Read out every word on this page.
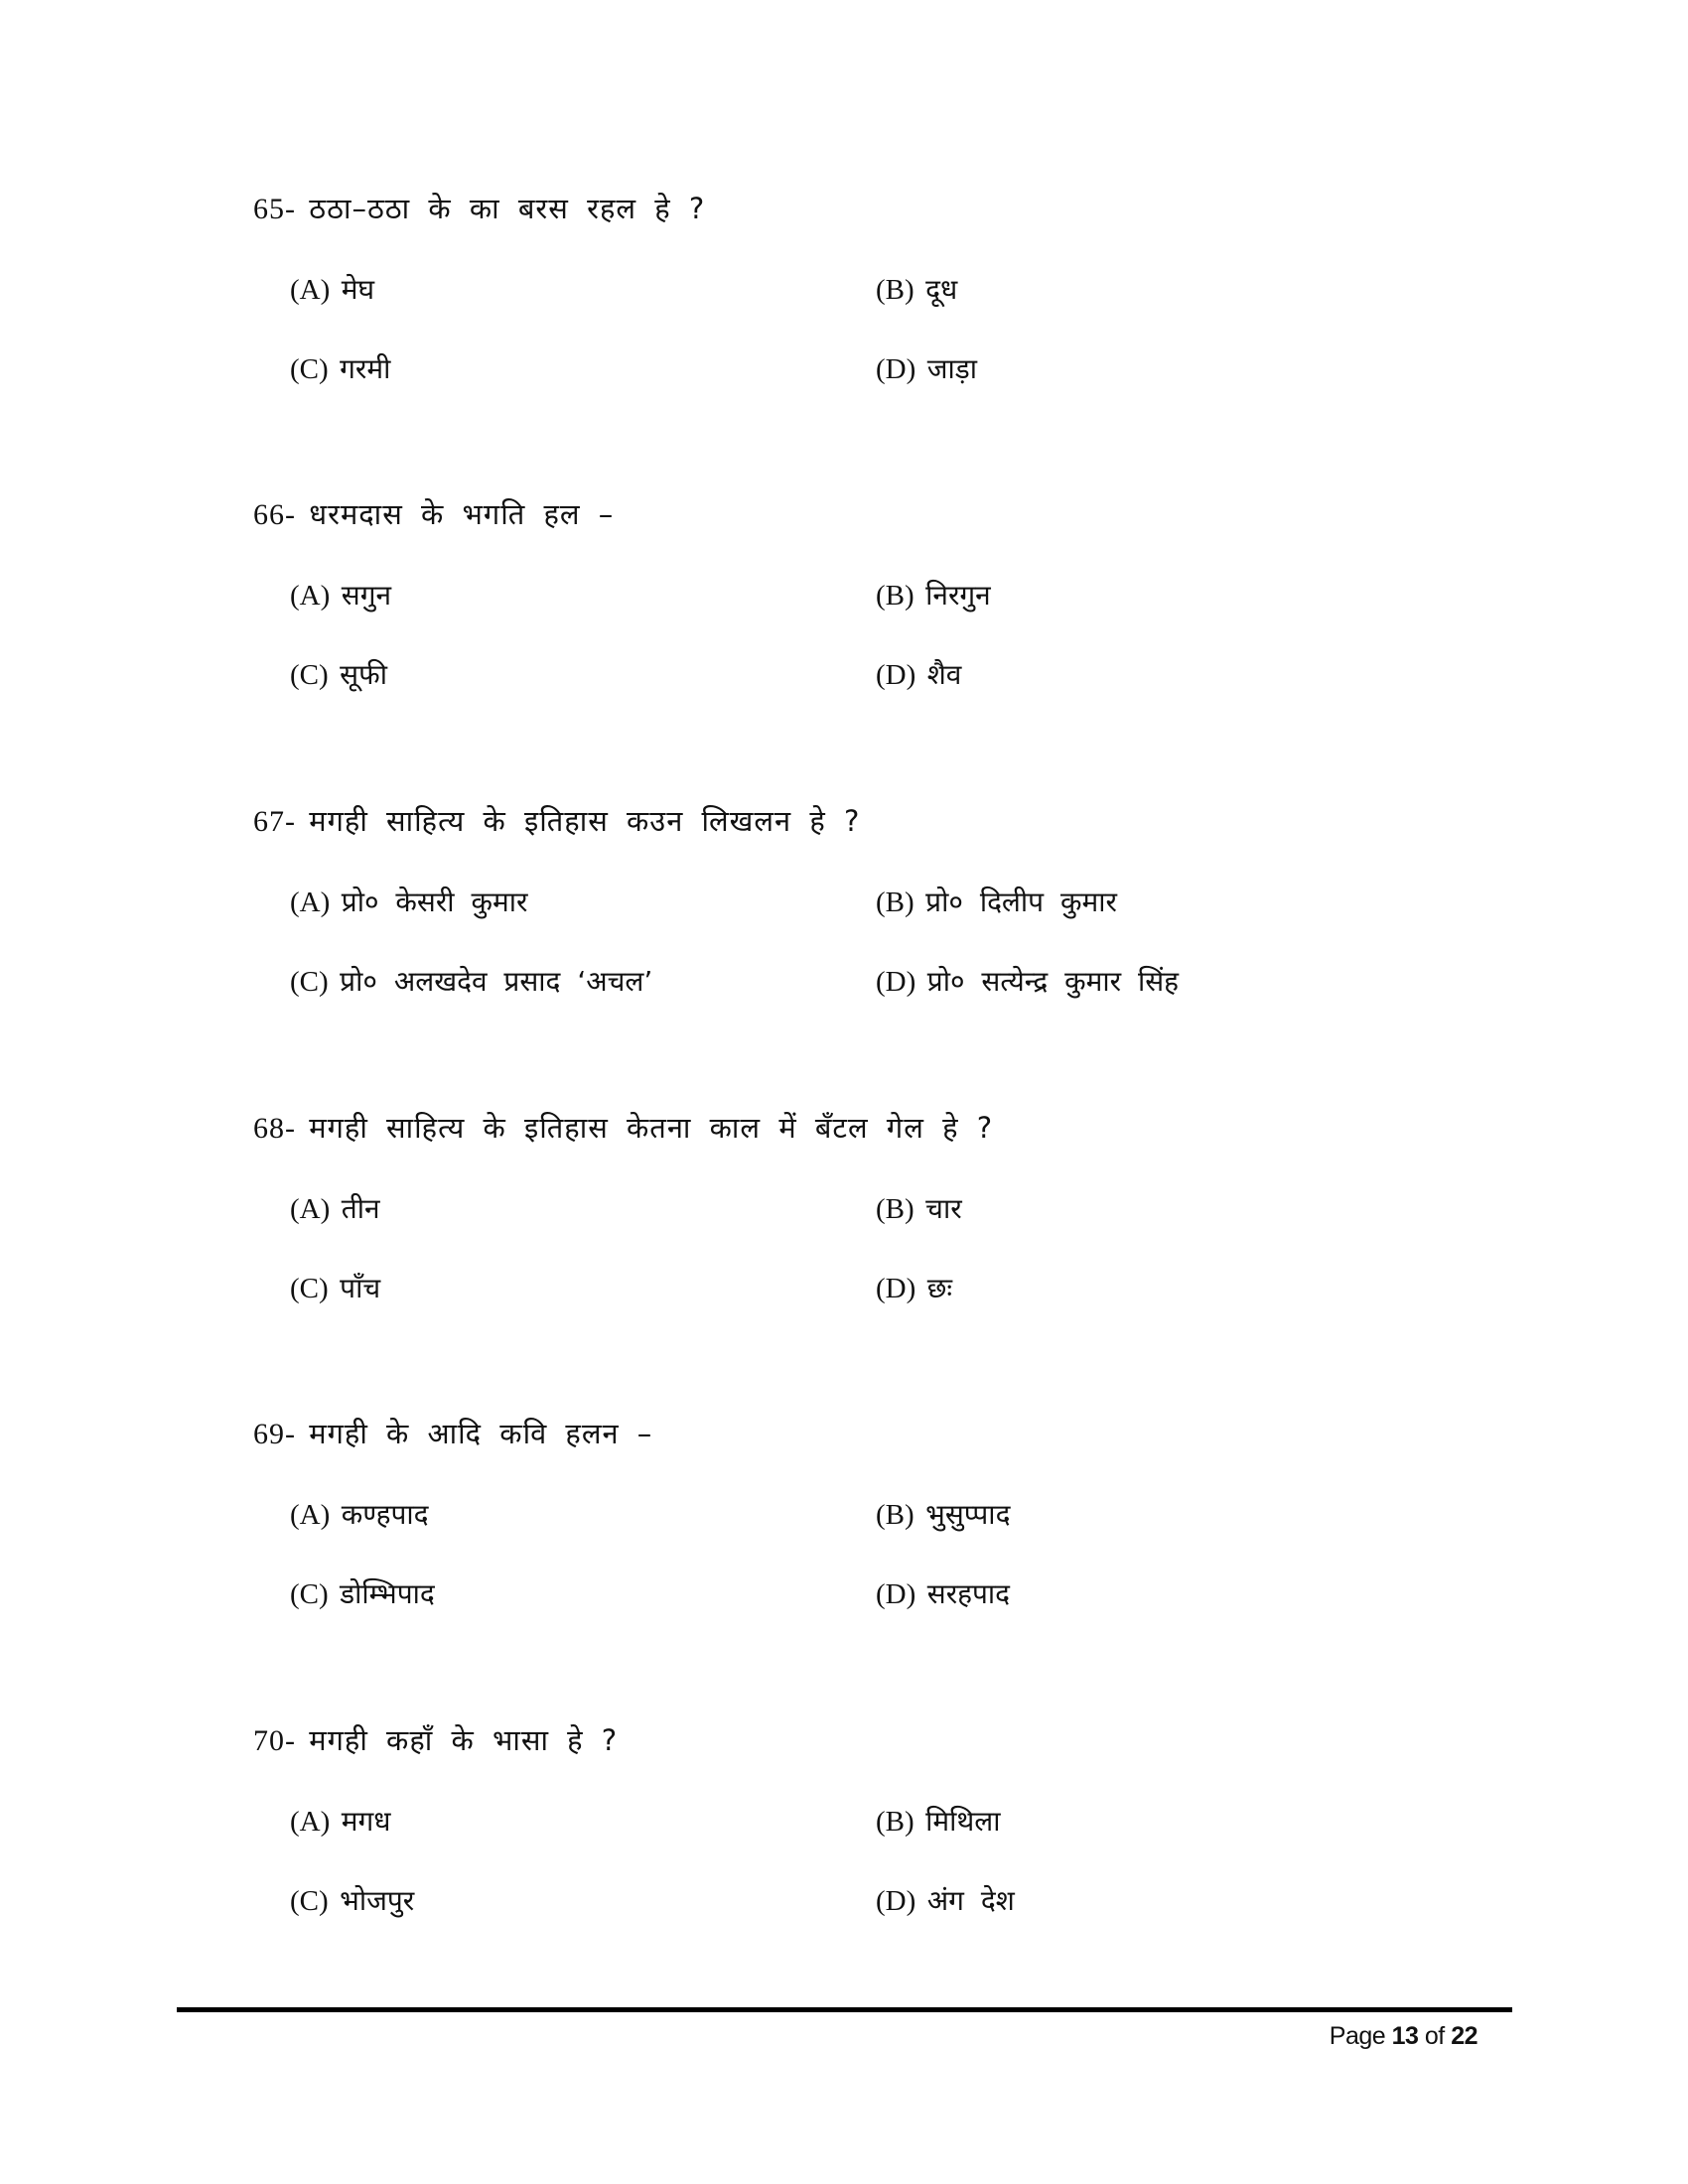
65- ठठा–ठठा के का बरस रहल हे ?
(A) मेघ	(B) दूध
(C) गरमी	(D) जाड़ा
66- धरमदास के भगति हल –
(A) सगुन	(B) निरगुन
(C) सूफी	(D) शैव
67- मगही साहित्य के इतिहास कउन लिखलन हे ?
(A) प्रो० केसरी कुमार	(B) प्रो० दिलीप कुमार
(C) प्रो० अलखदेव प्रसाद ‘अचल’	(D) प्रो० सत्येन्द्र कुमार सिंह
68- मगही साहित्य के इतिहास केतना काल में बँटल गेल हे ?
(A) तीन	(B) चार
(C) पाँच	(D) छः
69- मगही के आदि कवि हलन –
(A) कण्हपाद	(B) भुसुप्पाद
(C) डोम्भिपाद	(D) सरहपाद
70- मगही कहाँ के भासा हे ?
(A) मगध	(B) मिथिला
(C) भोजपुर	(D) अंग देश
Page 13 of 22
